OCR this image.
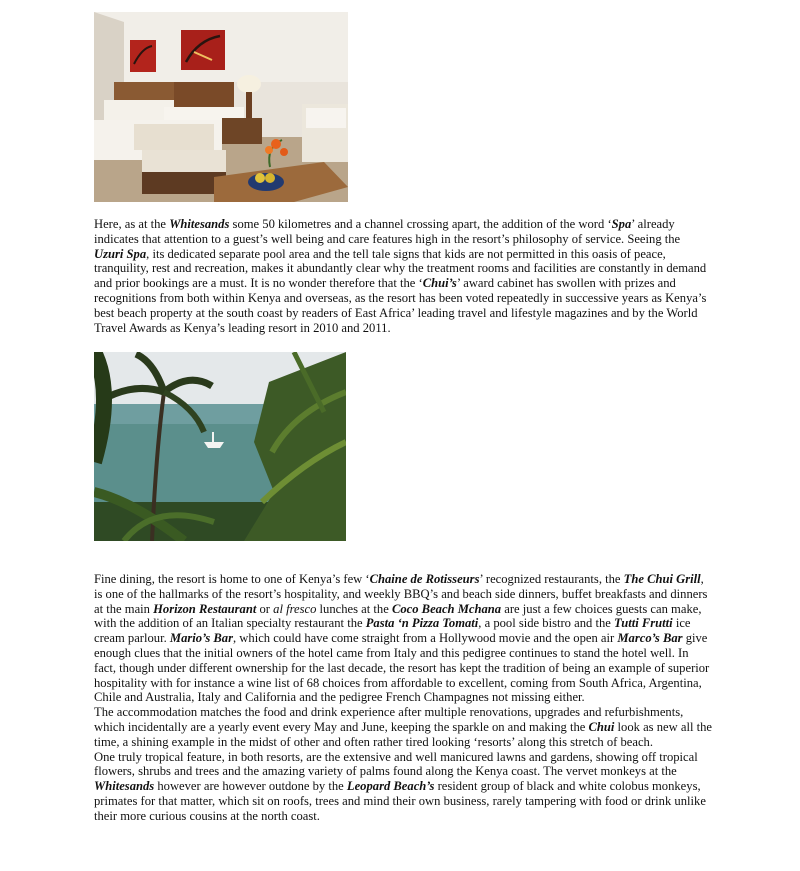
Here, as at the Whitesands some 50 kilometres and a channel crossing apart, the addition of the word ‘Spa’ already indicates that attention to a guest’s well being and care features high in the resort’s philosophy of service. Seeing the Uzuri Spa, its dedicated separate pool area and the tell tale signs that kids are not permitted in this oasis of peace, tranquility, rest and recreation, makes it abundantly clear why the treatment rooms and facilities are constantly in demand and prior bookings are a must. It is no wonder therefore that the ‘Chui’s’ award cabinet has swollen with prizes and recognitions from both within Kenya and overseas, as the resort has been voted repeatedly in successive years as Kenya’s best beach property at the south coast by readers of East Africa’ leading travel and lifestyle magazines and by the World Travel Awards as Kenya’s leading resort in 2010 and 2011.

Fine dining, the resort is home to one of Kenya’s few ‘Chaine de Rotisseurs’ recognized restaurants, the The Chui Grill, is one of the hallmarks of the resort’s hospitality, and weekly BBQ’s and beach side dinners, buffet breakfasts and dinners at the main Horizon Restaurant or al fresco lunches at the Coco Beach Mchana are just a few choices guests can make, with the addition of an Italian specialty restaurant the Pasta ‘n Pizza Tomati, a pool side bistro and the Tutti Frutti ice cream parlour. Mario’s Bar, which could have come straight from a Hollywood movie and the open air Marco’s Bar give enough clues that the initial owners of the hotel came from Italy and this pedigree continues to stand the hotel well. In fact, though under different ownership for the last decade, the resort has kept the tradition of being an example of superior hospitality with for instance a wine list of 68 choices from affordable to excellent, coming from South Africa, Argentina, Chile and Australia, Italy and California and the pedigree French Champagnes not missing either.

The accommodation matches the food and drink experience after multiple renovations, upgrades and refurbishments, which incidentally are a yearly event every May and June, keeping the sparkle on and making the Chui look as new all the time, a shining example in the midst of other and often rather tired looking ‘resorts’ along this stretch of beach.

One truly tropical feature, in both resorts, are the extensive and well manicured lawns and gardens, showing off tropical flowers, shrubs and trees and the amazing variety of palms found along the Kenya coast. The vervet monkeys at the Whitesands however are however outdone by the Leopard Beach’s resident group of black and white colobus monkeys, primates for that matter, which sit on roofs, trees and mind their own business, rarely tampering with food or drink unlike their more curious cousins at the north coast.
